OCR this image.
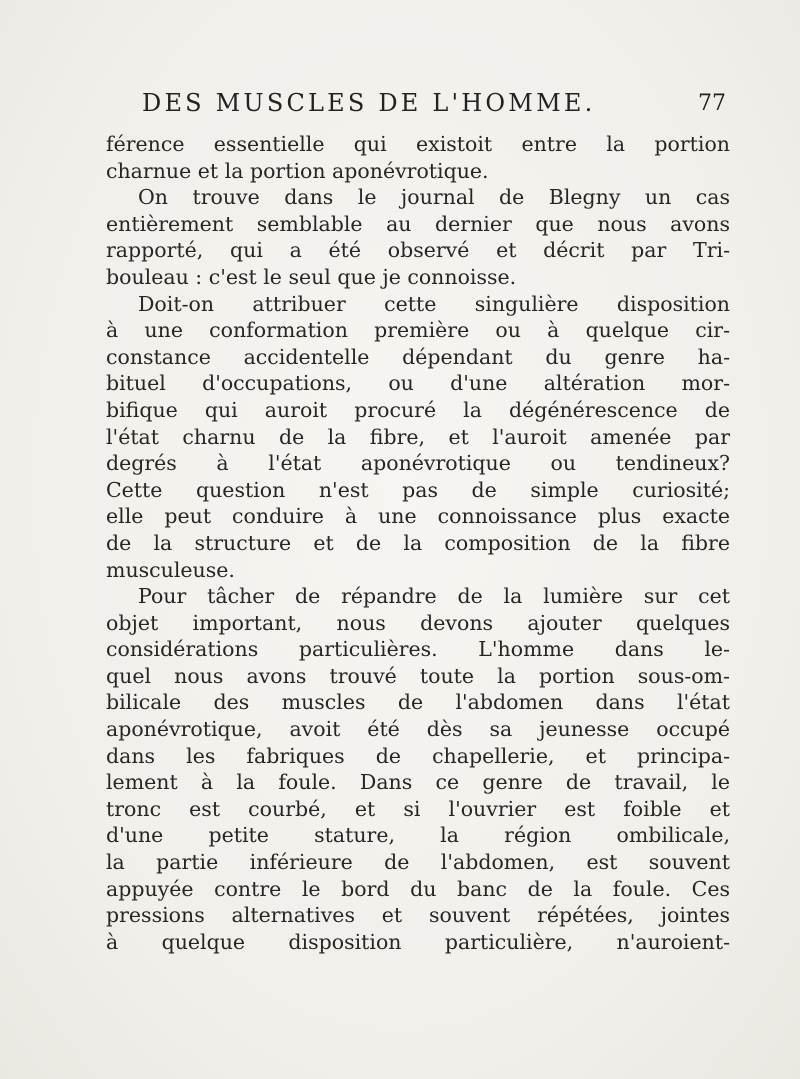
DES MUSCLES DE L'HOMME.	77
férence essentielle qui existoit entre la portion
charnue et la portion aponévrotique.
On trouve dans le journal de Blegny un cas
entièrement semblable au dernier que nous avons
rapporté, qui a été observé et décrit par Tri-
bouleau : c'est le seul que je connoisse.
Doit-on attribuer cette singulière disposition
à une conformation première ou à quelque cir-
constance accidentelle dépendant du genre ha-
bituel d'occupations, ou d'une altération mor-
bifique qui auroit procuré la dégénérescence de
l'état charnu de la fibre, et l'auroit amenée par
degrés à l'état aponévrotique ou tendineux?
Cette question n'est pas de simple curiosité;
elle peut conduire à une connoissance plus exacte
de la structure et de la composition de la fibre
musculeuse.
Pour tâcher de répandre de la lumière sur cet
objet important, nous devons ajouter quelques
considérations particulières. L'homme dans le-
quel nous avons trouvé toute la portion sous-om-
bilicale des muscles de l'abdomen dans l'état
aponévrotique, avoit été dès sa jeunesse occupé
dans les fabriques de chapellerie, et principa-
lement à la foule. Dans ce genre de travail, le
tronc est courbé, et si l'ouvrier est foible et
d'une petite stature, la région ombilicale,
la partie inférieure de l'abdomen, est souvent
appuyée contre le bord du banc de la foule. Ces
pressions alternatives et souvent répétées, jointes
à quelque disposition particulière, n'auroient-
